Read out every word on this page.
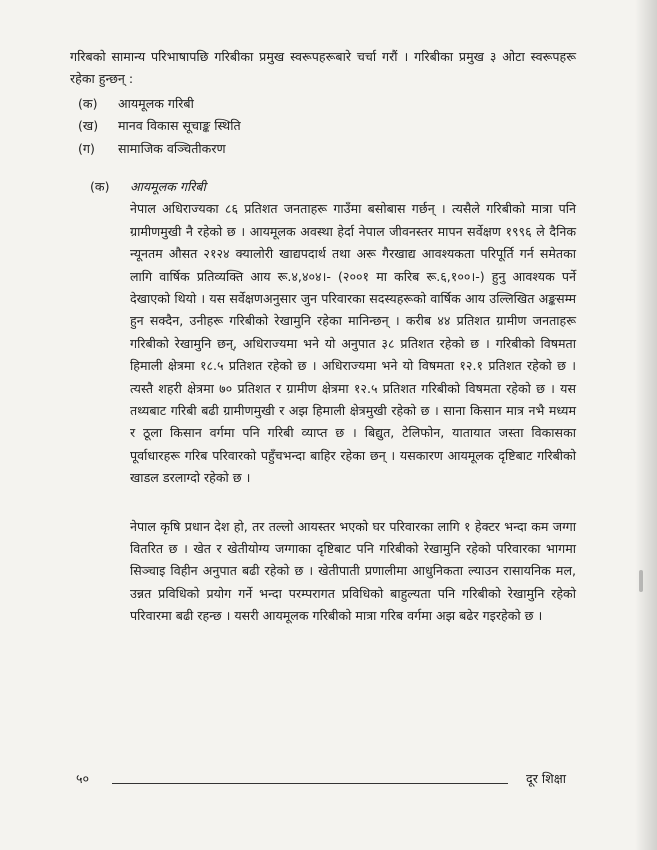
गरिबको सामान्य परिभाषापछि गरिबीका प्रमुख स्वरूपहरूबारे चर्चा गरौं । गरिबीका प्रमुख ३ ओटा स्वरूपहरू रहेका हुन्छन् :

(क)	आयमूलक गरिबी
(ख)	मानव विकास सूचाङ्क स्थिति
(ग)	सामाजिक वञ्चितीकरण
(क)	आयमूलक गरिबी

नेपाल अधिराज्यका ८६ प्रतिशत जनताहरू गाउँमा बसोबास गर्छन् । त्यसैले गरिबीको मात्रा पनि ग्रामीणमुखी नै रहेको छ । आयमूलक अवस्था हेर्दा नेपाल जीवनस्तर मापन सर्वेक्षण १९९६ ले दैनिक न्यूनतम औसत २१२४ क्यालोरी खाद्यपदार्थ तथा अरू गैरखाद्य आवश्यकता परिपूर्ति गर्न समेतका लागि वार्षिक प्रतिव्यक्ति आय रू.४,४०४।- (२००१ मा करिब रू.६,१००।-) हुनु आवश्यक पर्ने देखाएको थियो । यस सर्वेक्षणअनुसार जुन परिवारका सदस्यहरूको वार्षिक आय उल्लिखित अङ्कसम्म हुन सक्दैन, उनीहरू गरिबीको रेखामुनि रहेका मानिन्छन् । करीब ४४ प्रतिशत ग्रामीण जनताहरू गरिबीको रेखामुनि छन्, अधिराज्यमा भने यो अनुपात ३८ प्रतिशत रहेको छ । गरिबीको विषमता हिमाली क्षेत्रमा १८.५ प्रतिशत रहेको छ । अधिराज्यमा भने यो विषमता १२.१ प्रतिशत रहेको छ । त्यस्तै शहरी क्षेत्रमा ७० प्रतिशत र ग्रामीण क्षेत्रमा १२.५ प्रतिशत गरिबीको विषमता रहेको छ । यस तथ्यबाट गरिबी बढी ग्रामीणमुखी र अझ हिमाली क्षेत्रमुखी रहेको छ । साना किसान मात्र नभै मध्यम र ठूला किसान वर्गमा पनि गरिबी व्याप्त छ । बिद्युत, टेलिफोन, यातायात जस्ता विकासका पूर्वाधारहरू गरिब परिवारको पहुँचभन्दा बाहिर रहेका छन् । यसकारण आयमूलक दृष्टिबाट गरिबीको खाडल डरलाग्दो रहेको छ ।

नेपाल कृषि प्रधान देश हो, तर तल्लो आयस्तर भएको घर परिवारका लागि १ हेक्टर भन्दा कम जग्गा वितरित छ । खेत र खेतीयोग्य जग्गाका दृष्टिबाट पनि गरिबीको रेखामुनि रहेको परिवारका भागमा सिञ्चाइ विहीन अनुपात बढी रहेको छ । खेतीपाती प्रणालीमा आधुनिकता ल्याउन रासायनिक मल, उन्नत प्रविधिको प्रयोग गर्ने भन्दा परम्परागत प्रविधिको बाहुल्यता पनि गरिबीको रेखामुनि रहेको परिवारमा बढी रहन्छ । यसरी आयमूलक गरिबीको मात्रा गरिब वर्गमा अझ बढेर गइरहेको छ ।

५०	दूर शिक्षा
